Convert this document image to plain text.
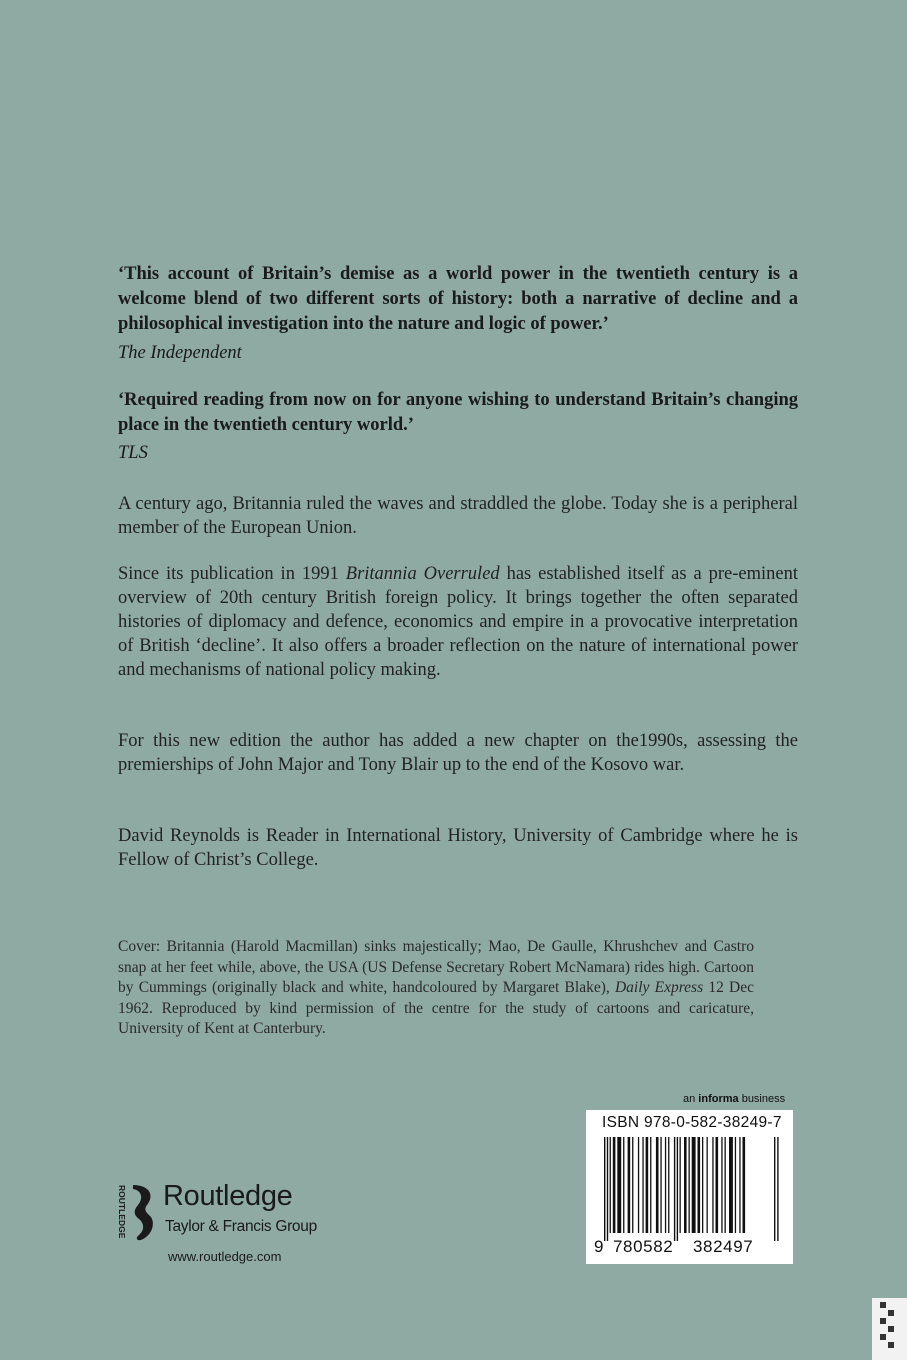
‘This account of Britain’s demise as a world power in the twentieth century is a welcome blend of two different sorts of history: both a narrative of decline and a philosophical investigation into the nature and logic of power.’
The Independent
‘Required reading from now on for anyone wishing to understand Britain’s changing place in the twentieth century world.’
TLS
A century ago, Britannia ruled the waves and straddled the globe. Today she is a peripheral member of the European Union.
Since its publication in 1991 Britannia Overruled has established itself as a pre-eminent overview of 20th century British foreign policy. It brings together the often separated histories of diplomacy and defence, economics and empire in a provocative interpretation of British ‘decline’. It also offers a broader reflection on the nature of international power and mechanisms of national policy making.
For this new edition the author has added a new chapter on the1990s, assessing the premierships of John Major and Tony Blair up to the end of the Kosovo war.
David Reynolds is Reader in International History, University of Cambridge where he is Fellow of Christ’s College.
Cover: Britannia (Harold Macmillan) sinks majestically; Mao, De Gaulle, Khrushchev and Castro snap at her feet while, above, the USA (US Defense Secretary Robert McNamara) rides high. Cartoon by Cummings (originally black and white, handcoloured by Margaret Blake), Daily Express 12 Dec 1962. Reproduced by kind permission of the centre for the study of cartoons and caricature, University of Kent at Canterbury.
an informa business
ISBN 978-0-582-38249-7
9 780582 382497
ROUTLEDGE Routledge
Taylor & Francis Group
www.routledge.com
